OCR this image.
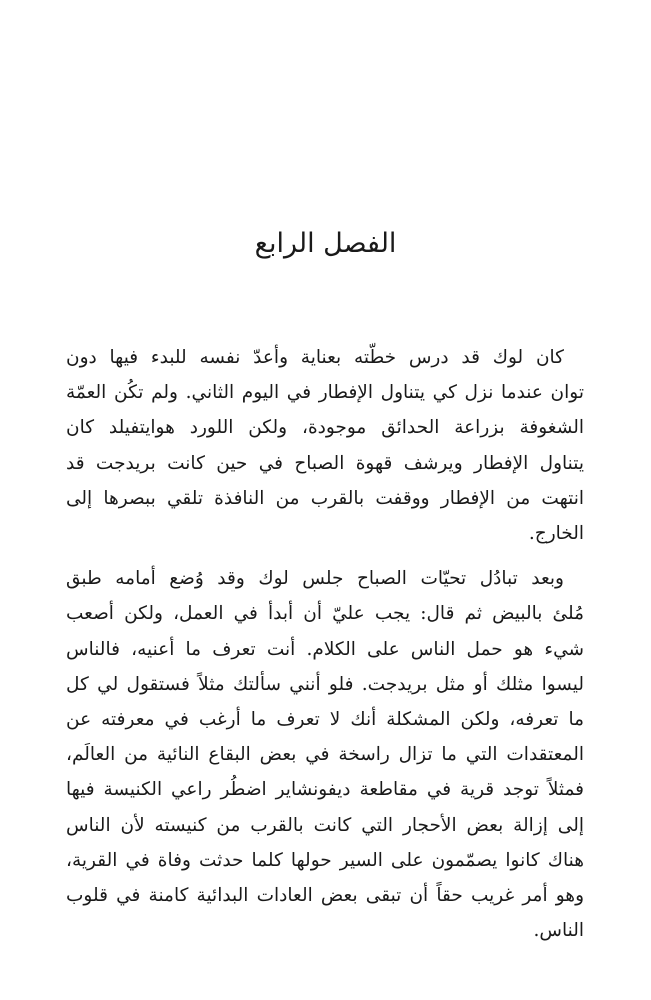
الفصل الرابع

كان لوك قد درس خطّته بعناية وأعدّ نفسه للبدء فيها دون
توان عندما نزل كي يتناول الإفطار في اليوم الثاني. ولم تكُن العمّة
الشغوفة بزراعة الحدائق موجودة، ولكن اللورد هوايتفيلد كان
يتناول الإفطار ويرشف قهوة الصباح في حين كانت بريدجت قد
انتهت من الإفطار ووقفت بالقرب من النافذة تلقي ببصرها إلى
الخارج.

وبعد تبادُل تحيّات الصباح جلس لوك وقد وُضع أمامه طبق
مُلئ بالبيض ثم قال: يجب عليّ أن أبدأ في العمل، ولكن أصعب
شيء هو حمل الناس على الكلام. أنت تعرف ما أعنيه، فالناس
ليسوا مثلك أو مثل بريدجت. فلو أنني سألتك مثلاً فستقول لي كل
ما تعرفه، ولكن المشكلة أنك لا تعرف ما أرغب في معرفته عن
المعتقدات التي ما تزال راسخة في بعض البقاع النائية من العالَم،
فمثلاً توجد قرية في مقاطعة ديفونشاير اضطُر راعي الكنيسة فيها
إلى إزالة بعض الأحجار التي كانت بالقرب من كنيسته لأن الناس
هناك كانوا يصمّمون على السير حولها كلما حدثت وفاة في القرية،
وهو أمر غريب حقاً أن تبقى بعض العادات البدائية كامنة في قلوب
الناس.
